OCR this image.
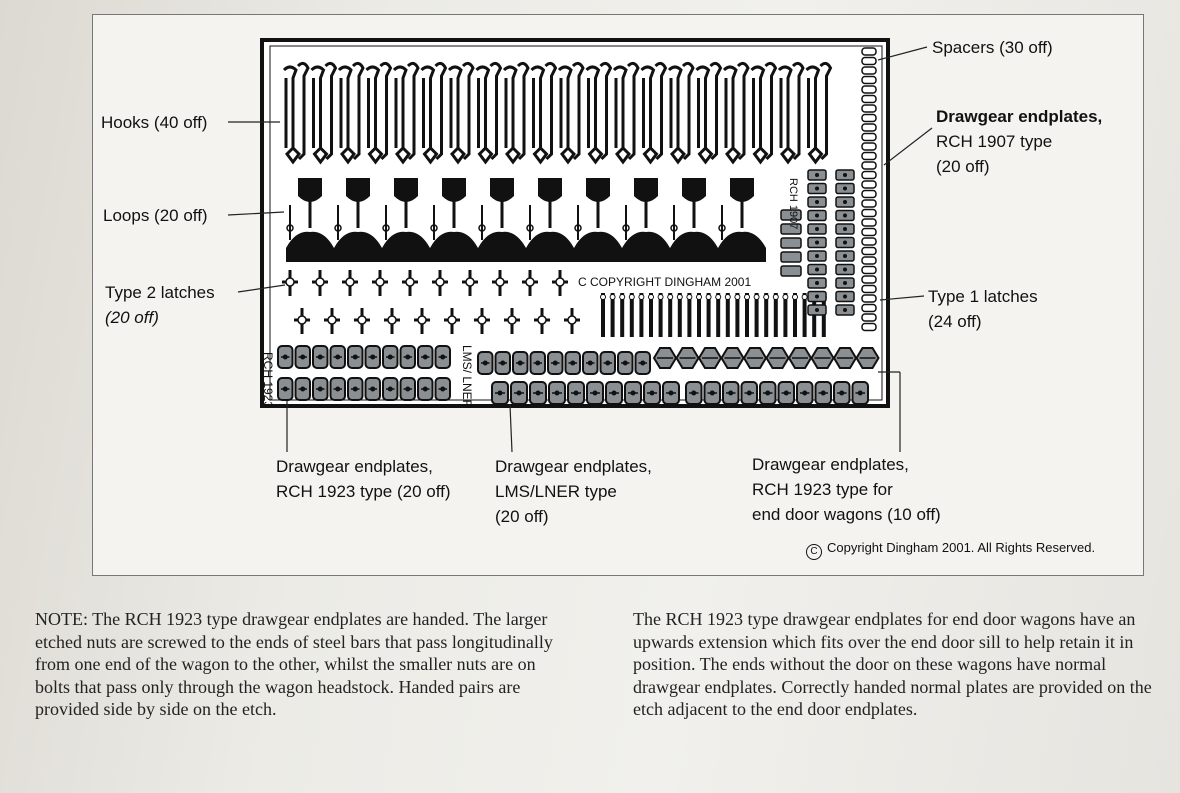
C COPYRIGHT DINGHAM 2001
RCH 1907
RCH 1923	LMS/ LNER
Spacers (30 off)
Hooks (40 off)	Drawgear endplates,
RCH 1907 type
(20 off)
Loops (20 off)
Type 2 latches
(20 off)
Type 1 latches
(24 off)
Drawgear endplates,
RCH 1923 type (20 off)
Drawgear endplates,
LMS/LNER type
(20 off)
Drawgear endplates,
RCH 1923 type for
end door wagons (10 off)
C Copyright Dingham 2001. All Rights Reserved.
NOTE: The RCH 1923 type drawgear endplates are handed. The larger etched nuts are screwed to the ends of steel bars that pass longitudinally from one end of the wagon to the other, whilst the smaller nuts are on bolts that pass only through the wagon headstock. Handed pairs are provided side by side on the etch.
The RCH 1923 type drawgear endplates for end door wagons have an upwards extension which fits over the end door sill to help retain it in position. The ends without the door on these wagons have normal drawgear endplates. Correctly handed normal plates are provided on the etch adjacent to the end door endplates.
